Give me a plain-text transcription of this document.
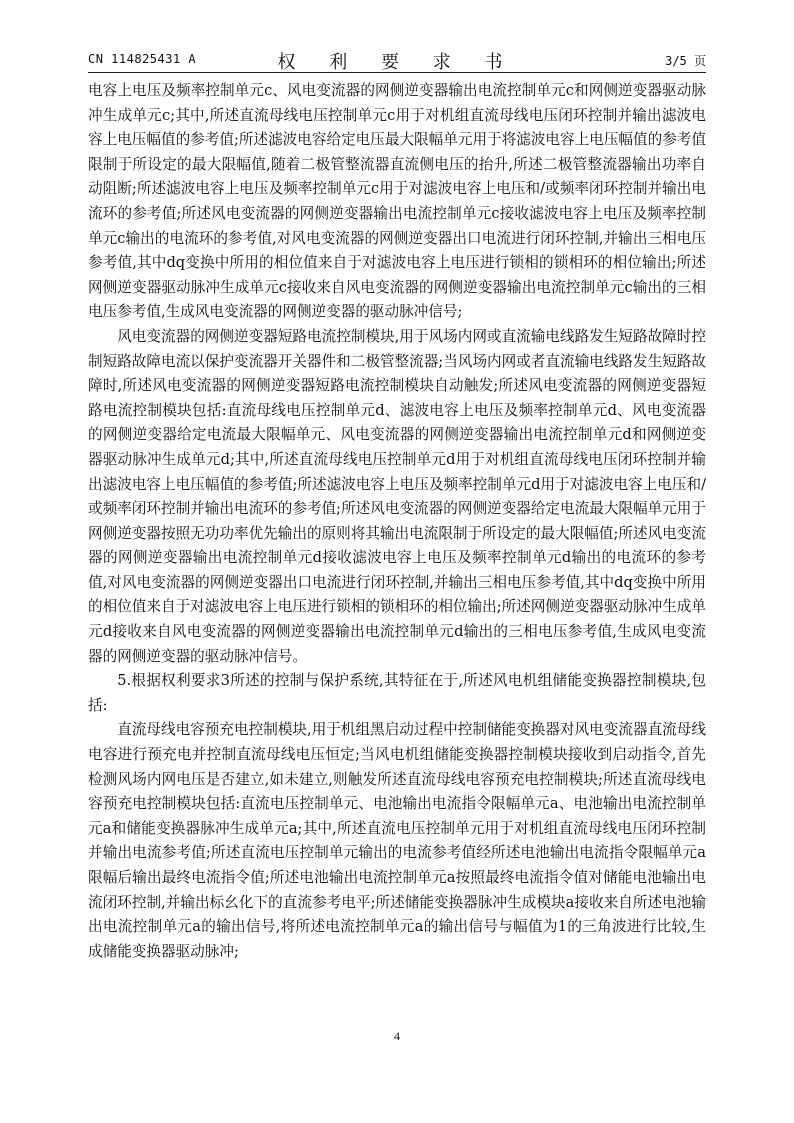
CN 114825431 A	权 利 要 求 书	3/5 页

电容上电压及频率控制单元c、风电变流器的网侧逆变器输出电流控制单元c和网侧逆变器驱动脉冲生成单元c;其中,所述直流母线电压控制单元c用于对机组直流母线电压闭环控制并输出滤波电容上电压幅值的参考值;所述滤波电容给定电压最大限幅单元用于将滤波电容上电压幅值的参考值限制于所设定的最大限幅值,随着二极管整流器直流侧电压的抬升,所述二极管整流器输出功率自动阻断;所述滤波电容上电压及频率控制单元c用于对滤波电容上电压和/或频率闭环控制并输出电流环的参考值;所述风电变流器的网侧逆变器输出电流控制单元c接收滤波电容上电压及频率控制单元c输出的电流环的参考值,对风电变流器的网侧逆变器出口电流进行闭环控制,并输出三相电压参考值,其中dq变换中所用的相位值来自于对滤波电容上电压进行锁相的锁相环的相位输出;所述网侧逆变器驱动脉冲生成单元c接收来自风电变流器的网侧逆变器输出电流控制单元c输出的三相电压参考值,生成风电变流器的网侧逆变器的驱动脉冲信号;

风电变流器的网侧逆变器短路电流控制模块,用于风场内网或直流输电线路发生短路故障时控制短路故障电流以保护变流器开关器件和二极管整流器;当风场内网或者直流输电线路发生短路故障时,所述风电变流器的网侧逆变器短路电流控制模块自动触发;所述风电变流器的网侧逆变器短路电流控制模块包括:直流母线电压控制单元d、滤波电容上电压及频率控制单元d、风电变流器的网侧逆变器给定电流最大限幅单元、风电变流器的网侧逆变器输出电流控制单元d和网侧逆变器驱动脉冲生成单元d;其中,所述直流母线电压控制单元d用于对机组直流母线电压闭环控制并输出滤波电容上电压幅值的参考值;所述滤波电容上电压及频率控制单元d用于对滤波电容上电压和/或频率闭环控制并输出电流环的参考值;所述风电变流器的网侧逆变器给定电流最大限幅单元用于网侧逆变器按照无功功率优先输出的原则将其输出电流限制于所设定的最大限幅值;所述风电变流器的网侧逆变器输出电流控制单元d接收滤波电容上电压及频率控制单元d输出的电流环的参考值,对风电变流器的网侧逆变器出口电流进行闭环控制,并输出三相电压参考值,其中dq变换中所用的相位值来自于对滤波电容上电压进行锁相的锁相环的相位输出;所述网侧逆变器驱动脉冲生成单元d接收来自风电变流器的网侧逆变器输出电流控制单元d输出的三相电压参考值,生成风电变流器的网侧逆变器的驱动脉冲信号。

5.根据权利要求3所述的控制与保护系统,其特征在于,所述风电机组储能变换器控制模块,包括:

直流母线电容预充电控制模块,用于机组黑启动过程中控制储能变换器对风电变流器直流母线电容进行预充电并控制直流母线电压恒定;当风电机组储能变换器控制模块接收到启动指令,首先检测风场内网电压是否建立,如未建立,则触发所述直流母线电容预充电控制模块;所述直流母线电容预充电控制模块包括:直流电压控制单元、电池输出电流指令限幅单元a、电池输出电流控制单元a和储能变换器脉冲生成单元a;其中,所述直流电压控制单元用于对机组直流母线电压闭环控制并输出电流参考值;所述直流电压控制单元输出的电流参考值经所述电池输出电流指令限幅单元a限幅后输出最终电流指令值;所述电池输出电流控制单元a按照最终电流指令值对储能电池输出电流闭环控制,并输出标幺化下的直流参考电平;所述储能变换器脉冲生成模块a接收来自所述电池输出电流控制单元a的输出信号,将所述电流控制单元a的输出信号与幅值为1的三角波进行比较,生成储能变换器驱动脉冲;

4
